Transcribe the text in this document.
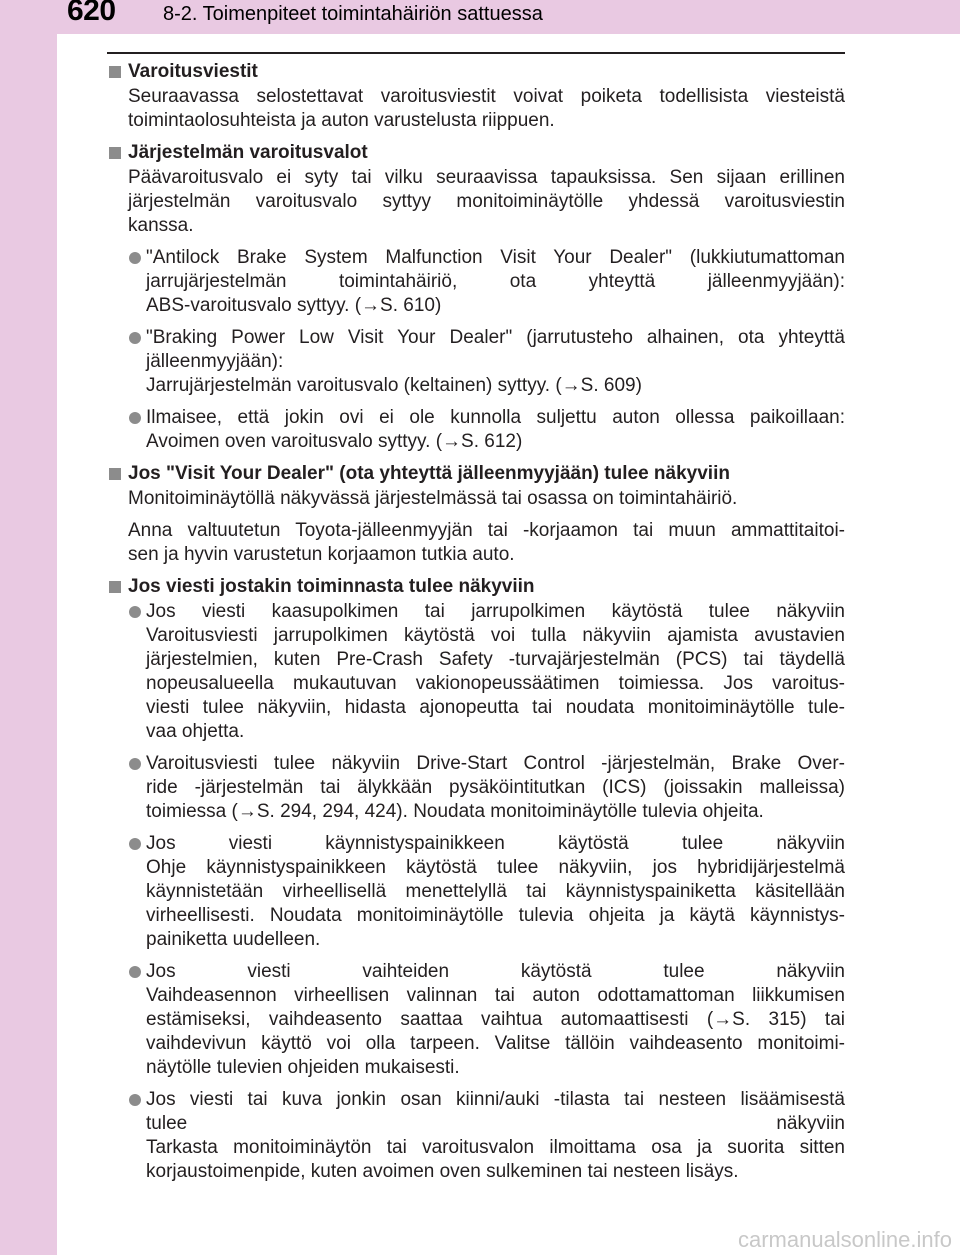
620 8-2. Toimenpiteet toimintahäiriön sattuessa
Varoitusviestit
Seuraavassa selostettavat varoitusviestit voivat poiketa todellisista viesteistä
toimintaolosuhteista ja auton varustelusta riippuen.
Järjestelmän varoitusvalot
Päävaroitusvalo ei syty tai vilku seuraavissa tapauksissa. Sen sijaan erillinen
järjestelmän varoitusvalo syttyy monitoiminäytölle yhdessä varoitusviestin
kanssa.
"Antilock Brake System Malfunction Visit Your Dealer" (lukkiutumattoman
jarrujärjestelmän toimintahäiriö, ota yhteyttä jälleenmyyjään):
ABS-varoitusvalo syttyy. (→S. 610)
"Braking Power Low Visit Your Dealer" (jarrutusteho alhainen, ota yhteyttä
jälleenmyyjään):
Jarrujärjestelmän varoitusvalo (keltainen) syttyy. (→S. 609)
Ilmaisee, että jokin ovi ei ole kunnolla suljettu auton ollessa paikoillaan:
Avoimen oven varoitusvalo syttyy. (→S. 612)
Jos "Visit Your Dealer" (ota yhteyttä jälleenmyyjään) tulee näkyviin
Monitoiminäytöllä näkyvässä järjestelmässä tai osassa on toimintahäiriö.
Anna valtuutetun Toyota-jälleenmyyjän tai -korjaamon tai muun ammattitaitoi-
sen ja hyvin varustetun korjaamon tutkia auto.
Jos viesti jostakin toiminnasta tulee näkyviin
Jos viesti kaasupolkimen tai jarrupolkimen käytöstä tulee näkyviin
Varoitusviesti jarrupolkimen käytöstä voi tulla näkyviin ajamista avustavien
järjestelmien, kuten Pre-Crash Safety -turvajärjestelmän (PCS) tai täydellä
nopeusalueella mukautuvan vakionopeussäätimen toimiessa. Jos varoitus-
viesti tulee näkyviin, hidasta ajonopeutta tai noudata monitoiminäytölle tule-
vaa ohjetta.
Varoitusviesti tulee näkyviin Drive-Start Control -järjestelmän, Brake Over-
ride -järjestelmän tai älykkään pysäköintitutkan (ICS) (joissakin malleissa)
toimiessa (→S. 294, 294, 424). Noudata monitoiminäytölle tulevia ohjeita.
Jos viesti käynnistyspainikkeen käytöstä tulee näkyviin
Ohje käynnistyspainikkeen käytöstä tulee näkyviin, jos hybridijärjestelmä
käynnistetään virheellisellä menettelyllä tai käynnistyspainiketta käsitellään
virheellisesti. Noudata monitoiminäytölle tulevia ohjeita ja käytä käynnistys-
painiketta uudelleen.
Jos viesti vaihteiden käytöstä tulee näkyviin
Vaihdeasennon virheellisen valinnan tai auton odottamattoman liikkumisen
estämiseksi, vaihdeasento saattaa vaihtua automaattisesti (→S. 315) tai
vaihdevivun käyttö voi olla tarpeen. Valitse tällöin vaihdeasento monitoimi-
näytölle tulevien ohjeiden mukaisesti.
Jos viesti tai kuva jonkin osan kiinni/auki -tilasta tai nesteen lisäämisestä
tulee näkyviin
Tarkasta monitoiminäytön tai varoitusvalon ilmoittama osa ja suorita sitten
korjaustoimenpide, kuten avoimen oven sulkeminen tai nesteen lisäys.
carmanualsonline.info
